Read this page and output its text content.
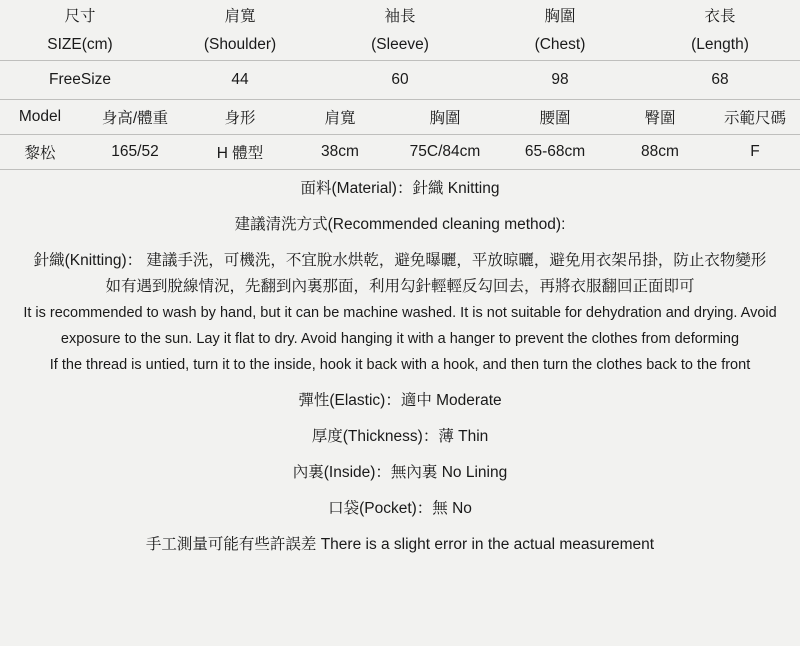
尺寸	肩寬	袖長	胸圍	衣長
SIZE(cm)	(Shoulder)	(Sleeve)	(Chest)	(Length)
FreeSize	44	60	98	68
Model	身高/體重	身形	肩寬	胸圍	腰圍	臀圍	示範尺碼
黎松	165/52	H 體型	38cm	75C/84cm	65-68cm	88cm	F

面料(Material)：針織 Knitting

建議清洗方式(Recommended cleaning method):

針織(Knitting)： 建議手洗，可機洗，不宜脫水烘乾，避免曝曬，平放晾曬，避免用衣架吊掛，防止衣物變形

如有遇到脫線情況，先翻到內裏那面，利用勾針輕輕反勾回去，再將衣服翻回正面即可

It is recommended to wash by hand, but it can be machine washed. It is not suitable for dehydration and drying. Avoid

exposure to the sun. Lay it flat to dry. Avoid hanging it with a hanger to prevent the clothes from deforming

If the thread is untied, turn it to the inside, hook it back with a hook, and then turn the clothes back to the front

彈性(Elastic)：適中 Moderate

厚度(Thickness)：薄 Thin

內裏(Inside)：無內裏 No Lining

口袋(Pocket)：無 No

手工測量可能有些許誤差 There is a slight error in the actual measurement
